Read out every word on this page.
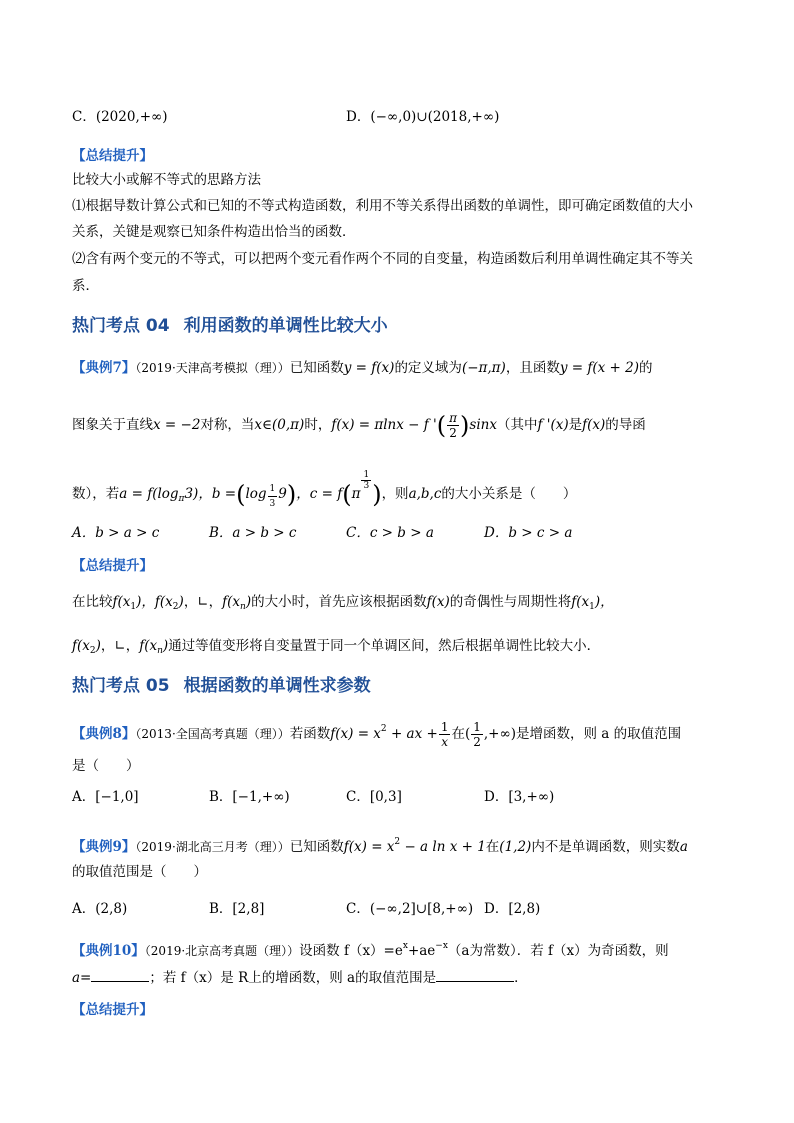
C．(2020,+∞)	D．(−∞,0)∪(2018,+∞)
【总结提升】
比较大小或解不等式的思路方法
⑴根据导数计算公式和已知的不等式构造函数，利用不等关系得出函数的单调性，即可确定函数值的大小
关系，关键是观察已知条件构造出恰当的函数．
⑵含有两个变元的不等式，可以把两个变元看作两个不同的自变量，构造函数后利用单调性确定其不等关
系．
热门考点 04 利用函数的单调性比较大小
【典例7】（2019·天津高考模拟（理））已知函数y = f(x)的定义域为(−π,π)，且函数y = f(x + 2)的
图象关于直线x = −2对称，当x∈(0,π)时，f(x) = πlnx − f '( $\frac{\pi}{2} )\sin x$（其中f '(x)是f(x)的导函
数），若$a = f(\log_\pi 3)$，$b =(\log \frac{1}{3} 9)$，c = f(π
$\frac{1}{3}$ )，则a,b,c的大小关系是（　　）
A．b > a > c	B．a > b > c	C．c > b > a	D．b > c > a
【总结提升】
在比较$f(x_1)$，$f(x_2)$，∟，$f(x_n)$的大小时，首先应该根据函数f(x)的奇偶性与周期性将$f(x_1)$，
$f(x_2)$，∟，$f(x_n)$通过等值变形将自变量置于同一个单调区间，然后根据单调性比较大小．
热门考点 05 根据函数的单调性求参数
【典例8】（2013·全国高考真题（理））若函数$f(x) = x^2$ + ax + $\frac{1}{x}$ 在( $\frac{1}{2}$ ,+∞)是增函数，则 a 的取值范围
是（　　）
A．[−1,0]	B．[−1,+∞)	C．[0,3]	D．[3,+∞)
【典例9】（2019·湖北高三月考（理））已知函数$f(x) = x^2 - a$ ln x + 1在(1,2)内不是单调函数，则实数a
的取值范围是（　　）
A．(2,8)	B．[2,8]	C．(−∞,2]∪[8,+∞) D．[2,8)
【典例10】（2019·北京高考真题（理））设函数 $f(x)=e^x+ae^{-x}(a$为常数）．若 f（x）为奇函数，则
a=	；若 f（x）是 R上的增函数，则 a的取值范围是	．
【总结提升】
